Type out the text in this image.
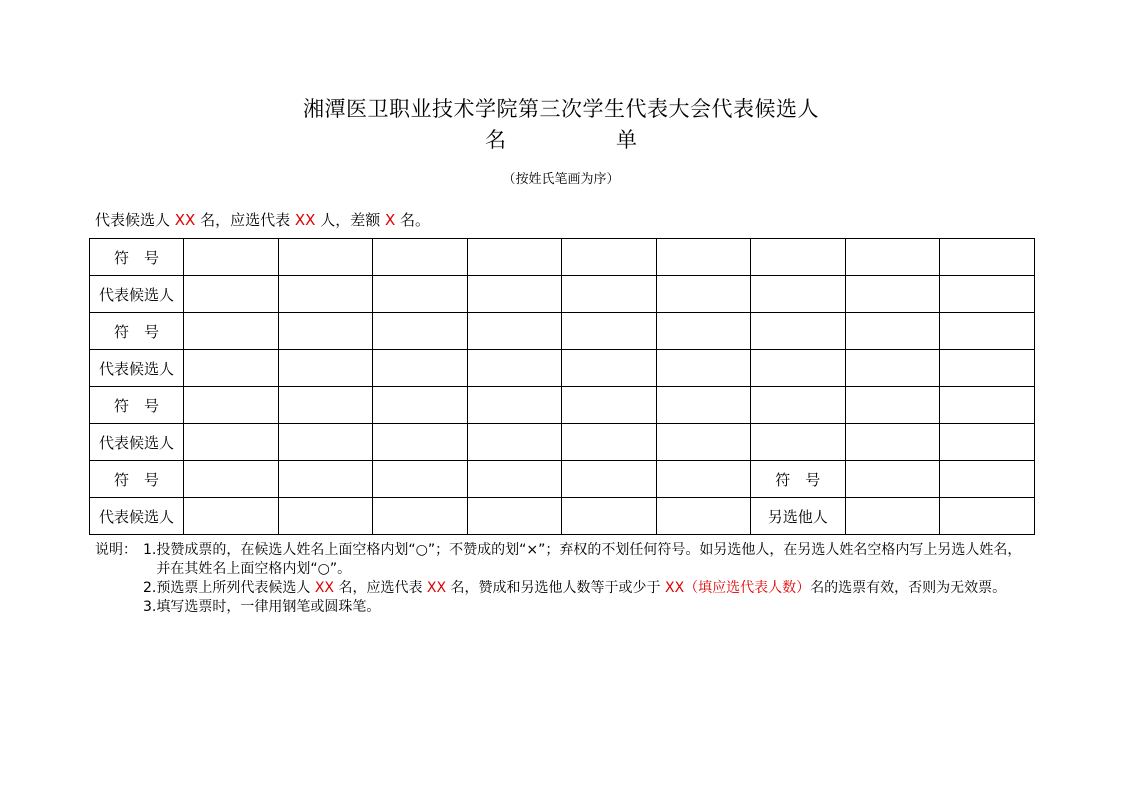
湘潭医卫职业技术学院第三次学生代表大会代表候选人
名	单
（按姓氏笔画为序）
代表候选人 XX 名，应选代表 XX 人，差额 X 名。
符　号									
代表候选人									
符　号									
代表候选人									
符　号									
代表候选人									
符　号							符　号		
代表候选人							另选他人		
说明： 1. 投赞成票的，在候选人姓名上面空格内划“○”；不赞成的划“×”；弃权的不划任何符号。如另选他人，在另选人姓名空格内写上另选人姓名，并在其姓名上面空格内划“○”。
2. 预选票上所列代表候选人 XX 名，应选代表 XX 名，赞成和另选他人数等于或少于 XX（填应选代表人数）名的选票有效，否则为无效票。
3. 填写选票时，一律用钢笔或圆珠笔。
